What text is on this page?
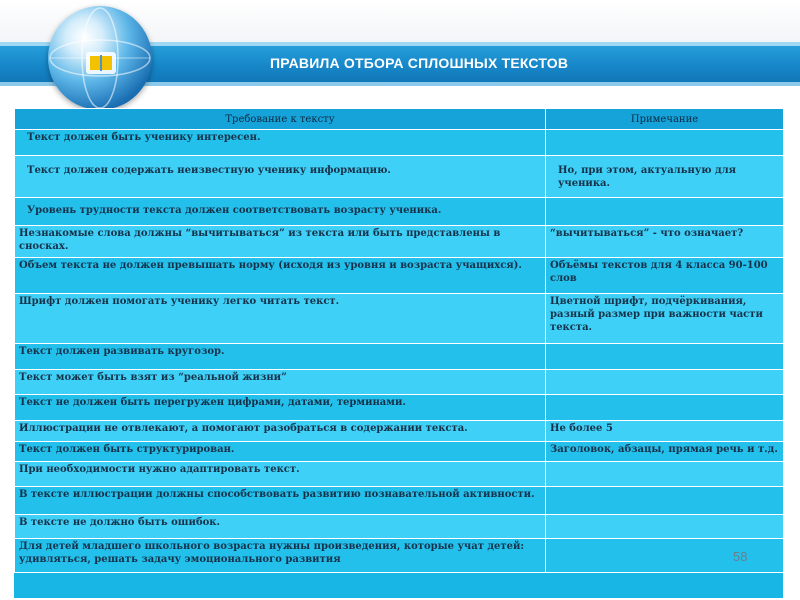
ПРАВИЛА ОТБОРА СПЛОШНЫХ ТЕКСТОВ
Требование к тексту	Примечание
Текст должен быть ученику интересен.	
Текст должен содержать неизвестную ученику информацию.	Но, при этом, актуальную для ученика.
Уровень трудности текста должен соответствовать возрасту ученика.	
Незнакомые слова должны “вычитываться” из текста или быть представлены в сносках.	“вычитываться” - что означает?
Объем текста не должен превышать норму (исходя из уровня и возраста учащихся).	Объёмы текстов для 4 класса 90-100 слов
Шрифт должен помогать ученику легко читать текст.	Цветной шрифт, подчёркивания, разный размер при важности части текста.
Текст должен развивать кругозор.	
Текст может быть взят из “реальной жизни”	
Текст не должен быть перегружен цифрами, датами, терминами.	
Иллюстрации не отвлекают, а помогают разобраться в содержании текста.	Не более 5
Текст должен быть структурирован.	Заголовок, абзацы, прямая речь и т.д.
При необходимости нужно адаптировать текст.	
В тексте иллюстрации должны способствовать развитию познавательной активности.	
В тексте не должно быть ошибок.	
Для детей младшего школьного возраста нужны произведения, которые учат детей: удивляться, решать задачу эмоционального развития		58
